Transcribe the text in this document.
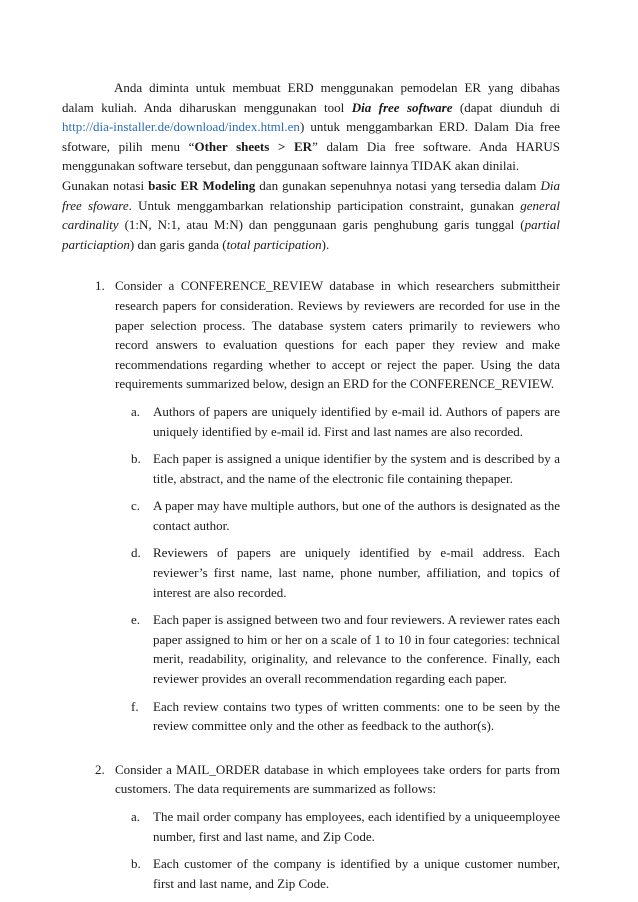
Anda diminta untuk membuat ERD menggunakan pemodelan ER yang dibahas dalam kuliah. Anda diharuskan menggunakan tool Dia free software (dapat diunduh di http://dia-installer.de/download/index.html.en) untuk menggambarkan ERD. Dalam Dia free sfotware, pilih menu “Other sheets > ER” dalam Dia free software. Anda HARUS menggunakan software tersebut, dan penggunaan software lainnya TIDAK akan dinilai.

Gunakan notasi basic ER Modeling dan gunakan sepenuhnya notasi yang tersedia dalam Dia free sfoware. Untuk menggambarkan relationship participation constraint, gunakan general cardinality (1:N, N:1, atau M:N) dan penggunaan garis penghubung garis tunggal (partial particiaption) dan garis ganda (total participation).

1. Consider a CONFERENCE_REVIEW database in which researchers submittheir research papers for consideration. Reviews by reviewers are recorded for use in the paper selection process. The database system caters primarily to reviewers who record answers to evaluation questions for each paper they review and make recommendations regarding whether to accept or reject the paper. Using the data requirements summarized below, design an ERD for the CONFERENCE_REVIEW.

a. Authors of papers are uniquely identified by e-mail id. Authors of papers are uniquely identified by e-mail id. First and last names are also recorded.

b. Each paper is assigned a unique identifier by the system and is described by a title, abstract, and the name of the electronic file containing thepaper.

c. A paper may have multiple authors, but one of the authors is designated as the contact author.

d. Reviewers of papers are uniquely identified by e-mail address. Each reviewer’s first name, last name, phone number, affiliation, and topics of interest are also recorded.

e. Each paper is assigned between two and four reviewers. A reviewer rates each paper assigned to him or her on a scale of 1 to 10 in four categories: technical merit, readability, originality, and relevance to the conference. Finally, each reviewer provides an overall recommendation regarding each paper.

f. Each review contains two types of written comments: one to be seen by the review committee only and the other as feedback to the author(s).

2. Consider a MAIL_ORDER database in which employees take orders for parts from customers. The data requirements are summarized as follows:

a. The mail order company has employees, each identified by a uniqueemployee number, first and last name, and Zip Code.

b. Each customer of the company is identified by a unique customer number, first and last name, and Zip Code.
